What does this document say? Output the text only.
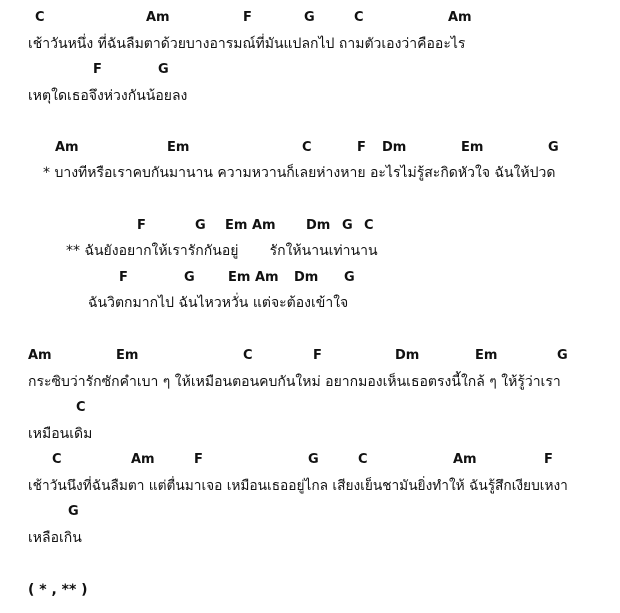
C

	Am

	F

	G

	C

	Am

เช้าวันหนึ่ง ที่ฉันลืมตาด้วยบางอารมณ์ที่มันแปลกไป ถามตัวเองว่าคืออะไร

F

	G

เหตุใดเธอจึงห่วงกันน้อยลง

Am

	Em

	C

	F

Dm

	Em

	G

* บางทีหรือเราคบกันมานาน ความหวานก็เลยห่างหาย อะไรไม่รู้สะกิดหัวใจ ฉันให้ปวด

F

	G

Em Am

Dm

G

C

** ฉันยังอยากให้เรารักกันอยู่       รักให้นานเท่านาน

F

	G

	Em Am

Dm

G

ฉันวิตกมากไป ฉันไหวหวั่น แต่จะต้องเข้าใจ

Am

	Em

	C

	F

	Dm

	Em

	G

กระซิบว่ารักซักคำเบา ๆ ให้เหมือนตอนคบกันใหม่ อยากมองเห็นเธอตรงนี้ใกล้ ๆ ให้รู้ว่าเรา

C

เหมือนเดิม

C

	Am

	F

	G

	C

	Am

	F

เช้าวันนึงที่ฉันลืมตา แต่ตื่นมาเจอ เหมือนเธออยู่ไกล เสียงเย็นชามันยิ่งทำให้ ฉันรู้สึกเงียบเหงา

G

เหลือเกิน
( * , ** )
